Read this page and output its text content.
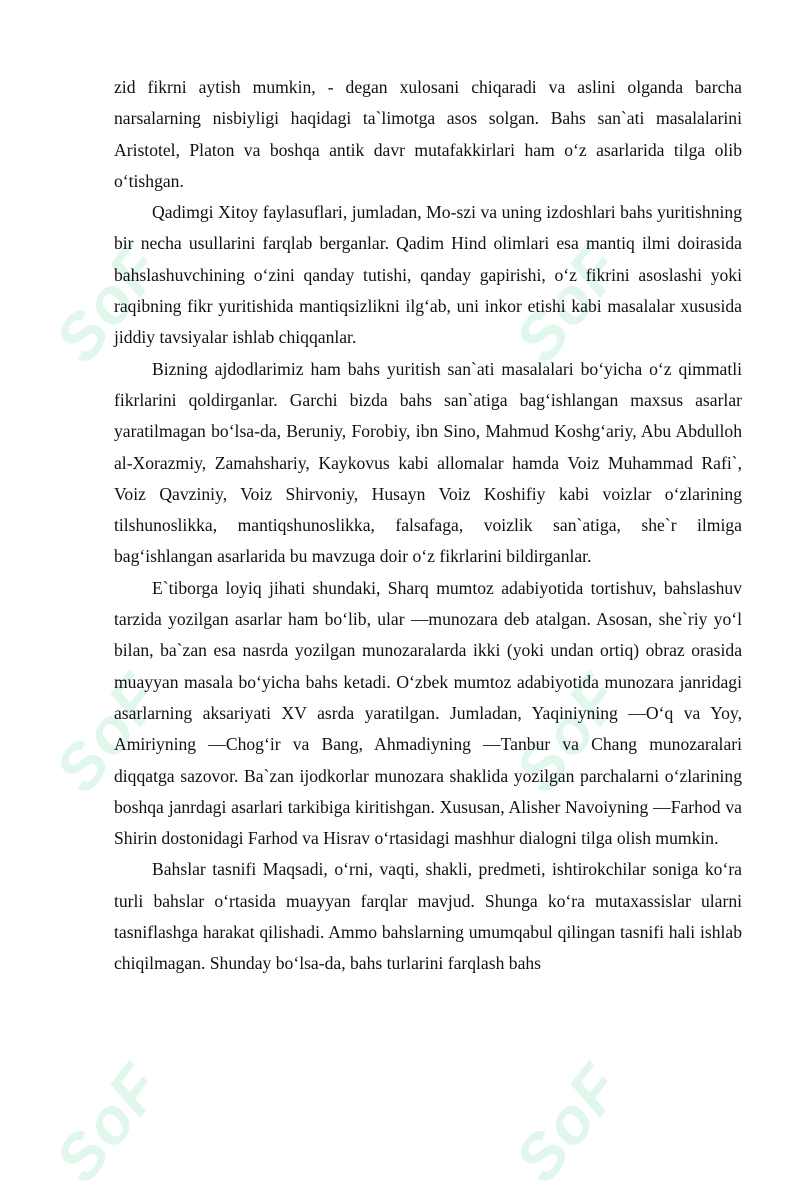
SoF	SoF
SoF	SoF
SoF	SoF

zid fikrni aytish mumkin, - degan xulosani chiqaradi va aslini olganda barcha narsalarning nisbiyligi haqidagi ta`limotga asos solgan. Bahs san`ati masalalarini Aristotel, Platon va boshqa antik davr mutafakkirlari ham o‘z asarlarida tilga olib o‘tishgan.

Qadimgi Xitoy faylasuflari, jumladan, Mo-szi va uning izdoshlari bahs yuritishning bir necha usullarini farqlab berganlar. Qadim Hind olimlari esa mantiq ilmi doirasida bahslashuvchining o‘zini qanday tutishi, qanday gapirishi, o‘z fikrini asoslashi yoki raqibning fikr yuritishida mantiqsizlikni ilg‘ab, uni inkor etishi kabi masalalar xususida jiddiy tavsiyalar ishlab chiqqanlar.

Bizning ajdodlarimiz ham bahs yuritish san`ati masalalari bo‘yicha o‘z qimmatli fikrlarini qoldirganlar. Garchi bizda bahs san`atiga bag‘ishlangan maxsus asarlar yaratilmagan bo‘lsa-da, Beruniy, Forobiy, ibn Sino, Mahmud Koshg‘ariy, Abu Abdulloh al-Xorazmiy, Zamahshariy, Kaykovus kabi allomalar hamda Voiz Muhammad Rafi`, Voiz Qavziniy, Voiz Shirvoniy, Husayn Voiz Koshifiy kabi voizlar o‘zlarining tilshunoslikka, mantiqshunoslikka, falsafaga, voizlik san`atiga, she`r ilmiga bag‘ishlangan asarlarida bu mavzuga doir o‘z fikrlarini bildirganlar.

E`tiborga loyiq jihati shundaki, Sharq mumtoz adabiyotida tortishuv, bahslashuv tarzida yozilgan asarlar ham bo‘lib, ular ―munozara deb atalgan. Asosan, she`riy yo‘l bilan, ba`zan esa nasrda yozilgan munozaralarda ikki (yoki undan ortiq) obraz orasida muayyan masala bo‘yicha bahs ketadi. O‘zbek mumtoz adabiyotida munozara janridagi asarlarning aksariyati XV asrda yaratilgan. Jumladan, Yaqiniyning ―O‘q va Yoy, Amiriyning ―Chog‘ir va Bang, Ahmadiyning ―Tanbur va Chang munozaralari diqqatga sazovor. Ba`zan ijodkorlar munozara shaklida yozilgan parchalarni o‘zlarining boshqa janrdagi asarlari tarkibiga kiritishgan. Xususan, Alisher Navoiyning ―Farhod va Shirin dostonidagi Farhod va Hisrav o‘rtasidagi mashhur dialogni tilga olish mumkin.

Bahslar tasnifi Maqsadi, o‘rni, vaqti, shakli, predmeti, ishtirokchilar soniga ko‘ra turli bahslar o‘rtasida muayyan farqlar mavjud. Shunga ko‘ra mutaxassislar ularni tasniflashga harakat qilishadi. Ammo bahslarning umumqabul qilingan tasnifi hali ishlab chiqilmagan. Shunday bo‘lsa-da, bahs turlarini farqlash bahs
